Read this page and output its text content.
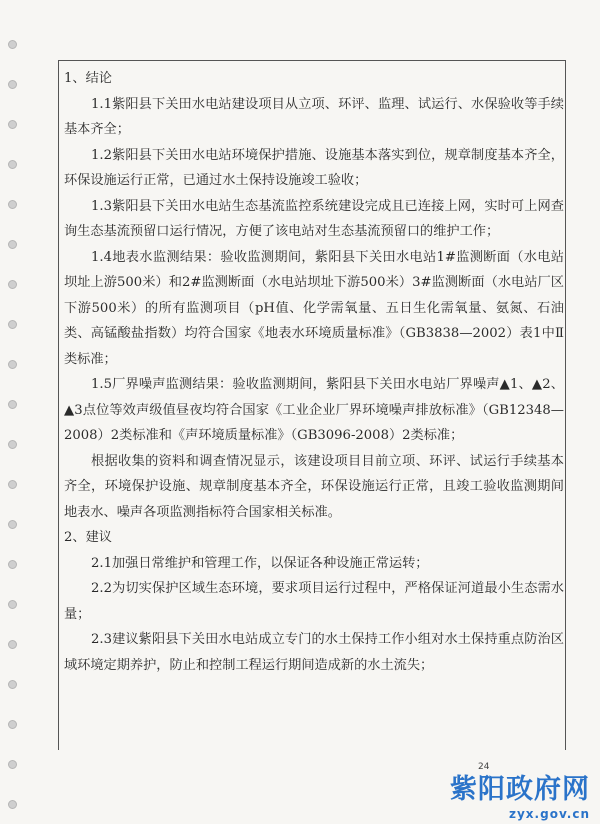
1、结论

1.1紫阳县下关田水电站建设项目从立项、环评、监理、试运行、水保验收等手续基本齐全；

1.2紫阳县下关田水电站环境保护措施、设施基本落实到位，规章制度基本齐全，环保设施运行正常，已通过水土保持设施竣工验收；

1.3紫阳县下关田水电站生态基流监控系统建设完成且已连接上网，实时可上网查询生态基流预留口运行情况，方便了该电站对生态基流预留口的维护工作；

1.4地表水监测结果：验收监测期间，紫阳县下关田水电站1#监测断面（水电站坝址上游500米）和2#监测断面（水电站坝址下游500米）3#监测断面（水电站厂区下游500米）的所有监测项目（pH值、化学需氧量、五日生化需氧量、氨氮、石油类、高锰酸盐指数）均符合国家《地表水环境质量标准》（GB3838—2002）表1中Ⅱ类标准；

1.5厂界噪声监测结果：验收监测期间，紫阳县下关田水电站厂界噪声▲1、▲2、▲3点位等效声级值昼夜均符合国家《工业企业厂界环境噪声排放标准》（GB12348—2008）2类标准和《声环境质量标准》（GB3096-2008）2类标准；

根据收集的资料和调查情况显示，该建设项目目前立项、环评、试运行手续基本齐全，环境保护设施、规章制度基本齐全，环保设施运行正常，且竣工验收监测期间地表水、噪声各项监测指标符合国家相关标准。

2、建议

2.1加强日常维护和管理工作，以保证各种设施正常运转；

2.2为切实保护区域生态环境，要求项目运行过程中，严格保证河道最小生态需水量；

2.3建议紫阳县下关田水电站成立专门的水土保持工作小组对水土保持重点防治区域环境定期养护，防止和控制工程运行期间造成新的水土流失；

24
紫阳政府网
zyx.gov.cn
